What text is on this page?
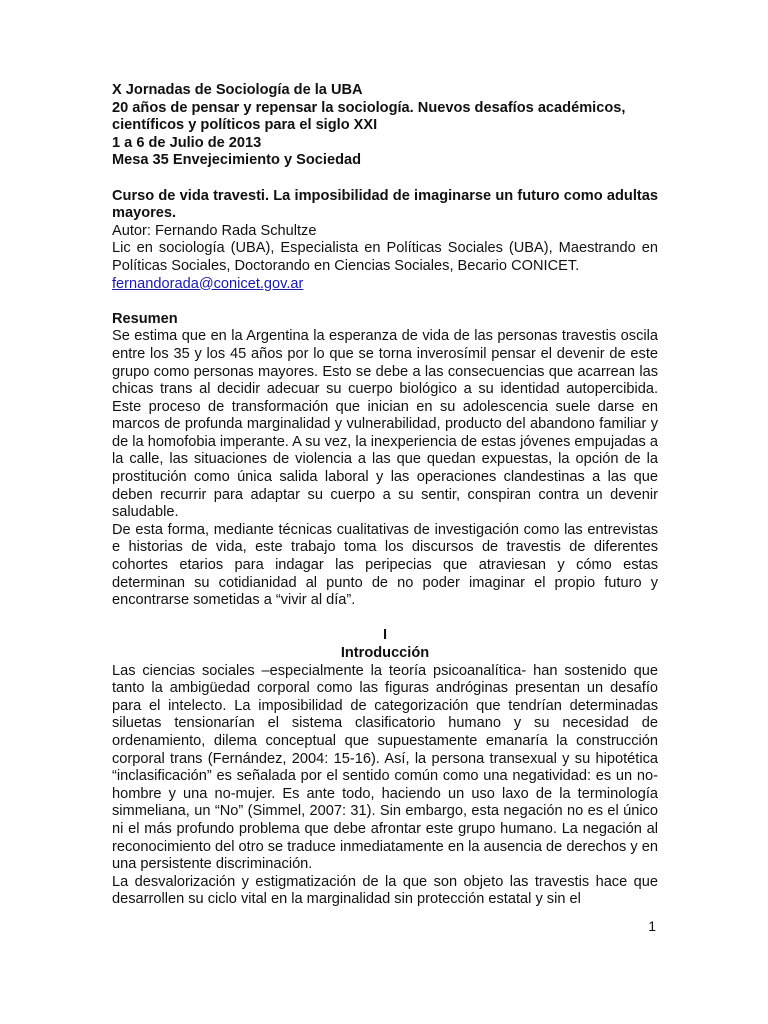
X Jornadas de Sociología de la UBA

20 años de pensar y repensar la sociología. Nuevos desafíos académicos, científicos y políticos para el siglo XXI

1 a 6 de Julio de 2013

Mesa 35 Envejecimiento y Sociedad

Curso de vida travesti. La imposibilidad de imaginarse un futuro como adultas mayores.

Autor: Fernando Rada Schultze

Lic en sociología (UBA), Especialista en Políticas Sociales (UBA), Maestrando en Políticas Sociales, Doctorando en Ciencias Sociales, Becario CONICET.

fernandorada@conicet.gov.ar

Resumen

Se estima que en la Argentina la esperanza de vida de las personas travestis oscila entre los 35 y los 45 años por lo que se torna inverosímil pensar el devenir de este grupo como personas mayores. Esto se debe a las consecuencias que acarrean las chicas trans al decidir adecuar su cuerpo biológico a su identidad autopercibida. Este proceso de transformación que inician en su adolescencia suele darse en marcos de profunda marginalidad y vulnerabilidad, producto del abandono familiar y de la homofobia imperante. A su vez, la inexperiencia de estas jóvenes empujadas a la calle, las situaciones de violencia a las que quedan expuestas, la opción de la prostitución como única salida laboral y las operaciones clandestinas a las que deben recurrir para adaptar su cuerpo a su sentir, conspiran contra un devenir saludable.

De esta forma, mediante técnicas cualitativas de investigación como las entrevistas e historias de vida, este trabajo toma los discursos de travestis de diferentes cohortes etarios para indagar las peripecias que atraviesan y cómo estas determinan su cotidianidad al punto de no poder imaginar el propio futuro y encontrarse sometidas a “vivir al día”.

I

Introducción

Las ciencias sociales –especialmente la teoría psicoanalítica- han sostenido que tanto la ambigüedad corporal como las figuras andróginas presentan un desafío para el intelecto. La imposibilidad de categorización que tendrían determinadas siluetas tensionarían el sistema clasificatorio humano y su necesidad de ordenamiento, dilema conceptual que supuestamente emanaría la construcción corporal trans (Fernández, 2004: 15-16). Así, la persona transexual y su hipotética “inclasificación” es señalada por el sentido común como una negatividad: es un no-hombre y una no-mujer. Es ante todo, haciendo un uso laxo de la terminología simmeliana, un “No” (Simmel, 2007: 31). Sin embargo, esta negación no es el único ni el más profundo problema que debe afrontar este grupo humano. La negación al reconocimiento del otro se traduce inmediatamente en la ausencia de derechos y en una persistente discriminación.

La desvalorización y estigmatización de la que son objeto las travestis hace que desarrollen su ciclo vital en la marginalidad sin protección estatal y sin el

1
